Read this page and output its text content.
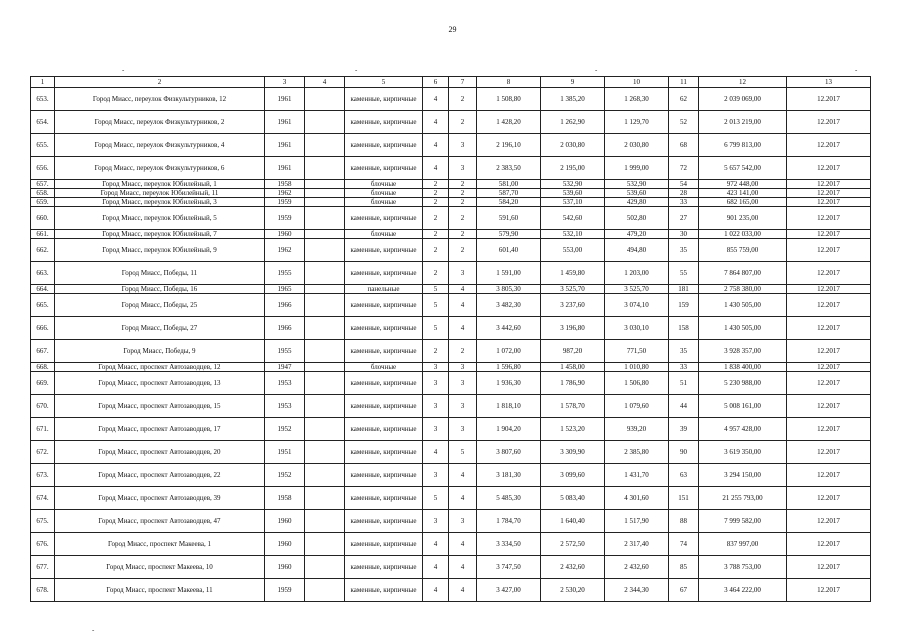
29
-	-	-	-
-
1	2	3	4	5	6	7	8	9	10	11	12	13
653.	Город Миасс, переулок Физкультурников, 12	1961		каменные, кирпичные	4	2	1 508,80	1 385,20	1 268,30	62	2 039 069,00	12.2017
654.	Город Миасс, переулок Физкультурников, 2	1961		каменные, кирпичные	4	2	1 428,20	1 262,90	1 129,70	52	2 013 219,00	12.2017
655.	Город Миасс, переулок Физкультурников, 4	1961		каменные, кирпичные	4	3	2 196,10	2 030,80	2 030,80	68	6 799 813,00	12.2017
656.	Город Миасс, переулок Физкультурников, 6	1961		каменные, кирпичные	4	3	2 383,50	2 195,00	1 999,00	72	5 657 542,00	12.2017
657.	Город Миасс, переулок Юбилейный, 1	1958		блочные	2	2	581,00	532,90	532,90	54	972 448,00	12.2017
658.	Город Миасс, переулок Юбилейный, 11	1962		блочные	2	2	587,70	539,60	539,60	28	423 141,00	12.2017
659.	Город Миасс, переулок Юбилейный, 3	1959		блочные	2	2	584,20	537,10	429,80	33	682 165,00	12.2017
660.	Город Миасс, переулок Юбилейный, 5	1959		каменные, кирпичные	2	2	591,60	542,60	502,80	27	901 235,00	12.2017
661.	Город Миасс, переулок Юбилейный, 7	1960		блочные	2	2	579,90	532,10	479,20	30	1 022 033,00	12.2017
662.	Город Миасс, переулок Юбилейный, 9	1962		каменные, кирпичные	2	2	601,40	553,00	494,80	35	855 759,00	12.2017
663.	Город Миасс, Победы, 11	1955		каменные, кирпичные	2	3	1 591,00	1 459,80	1 203,00	55	7 864 807,00	12.2017
664.	Город Миасс, Победы, 16	1965		панельные	5	4	3 805,30	3 525,70	3 525,70	181	2 758 380,00	12.2017
665.	Город Миасс, Победы, 25	1966		каменные, кирпичные	5	4	3 482,30	3 237,60	3 074,10	159	1 430 505,00	12.2017
666.	Город Миасс, Победы, 27	1966		каменные, кирпичные	5	4	3 442,60	3 196,80	3 030,10	158	1 430 505,00	12.2017
667.	Город Миасс, Победы, 9	1955		каменные, кирпичные	2	2	1 072,00	987,20	771,50	35	3 928 357,00	12.2017
668.	Город Миасс, проспект Автозаводцев, 12	1947		блочные	3	3	1 596,80	1 458,00	1 010,80	33	1 838 400,00	12.2017
669.	Город Миасс, проспект Автозаводцев, 13	1953		каменные, кирпичные	3	3	1 936,30	1 786,90	1 506,80	51	5 230 988,00	12.2017
670.	Город Миасс, проспект Автозаводцев, 15	1953		каменные, кирпичные	3	3	1 818,10	1 578,70	1 079,60	44	5 008 161,00	12.2017
671.	Город Миасс, проспект Автозаводцев, 17	1952		каменные, кирпичные	3	3	1 904,20	1 523,20	939,20	39	4 957 428,00	12.2017
672.	Город Миасс, проспект Автозаводцев, 20	1951		каменные, кирпичные	4	5	3 807,60	3 309,90	2 385,80	90	3 619 350,00	12.2017
673.	Город Миасс, проспект Автозаводцев, 22	1952		каменные, кирпичные	3	4	3 181,30	3 099,60	1 431,70	63	3 294 150,00	12.2017
674.	Город Миасс, проспект Автозаводцев, 39	1958		каменные, кирпичные	5	4	5 485,30	5 083,40	4 301,60	151	21 255 793,00	12.2017
675.	Город Миасс, проспект Автозаводцев, 47	1960		каменные, кирпичные	3	3	1 784,70	1 640,40	1 517,90	88	7 999 582,00	12.2017
676.	Город Миасс, проспект Макеева, 1	1960		каменные, кирпичные	4	4	3 334,50	2 572,50	2 317,40	74	837 997,00	12.2017
677.	Город Миасс, проспект Макеева, 10	1960		каменные, кирпичные	4	4	3 747,50	2 432,60	2 432,60	85	3 788 753,00	12.2017
678.	Город Миасс, проспект Макеева, 11	1959		каменные, кирпичные	4	4	3 427,00	2 530,20	2 344,30	67	3 464 222,00	12.2017
